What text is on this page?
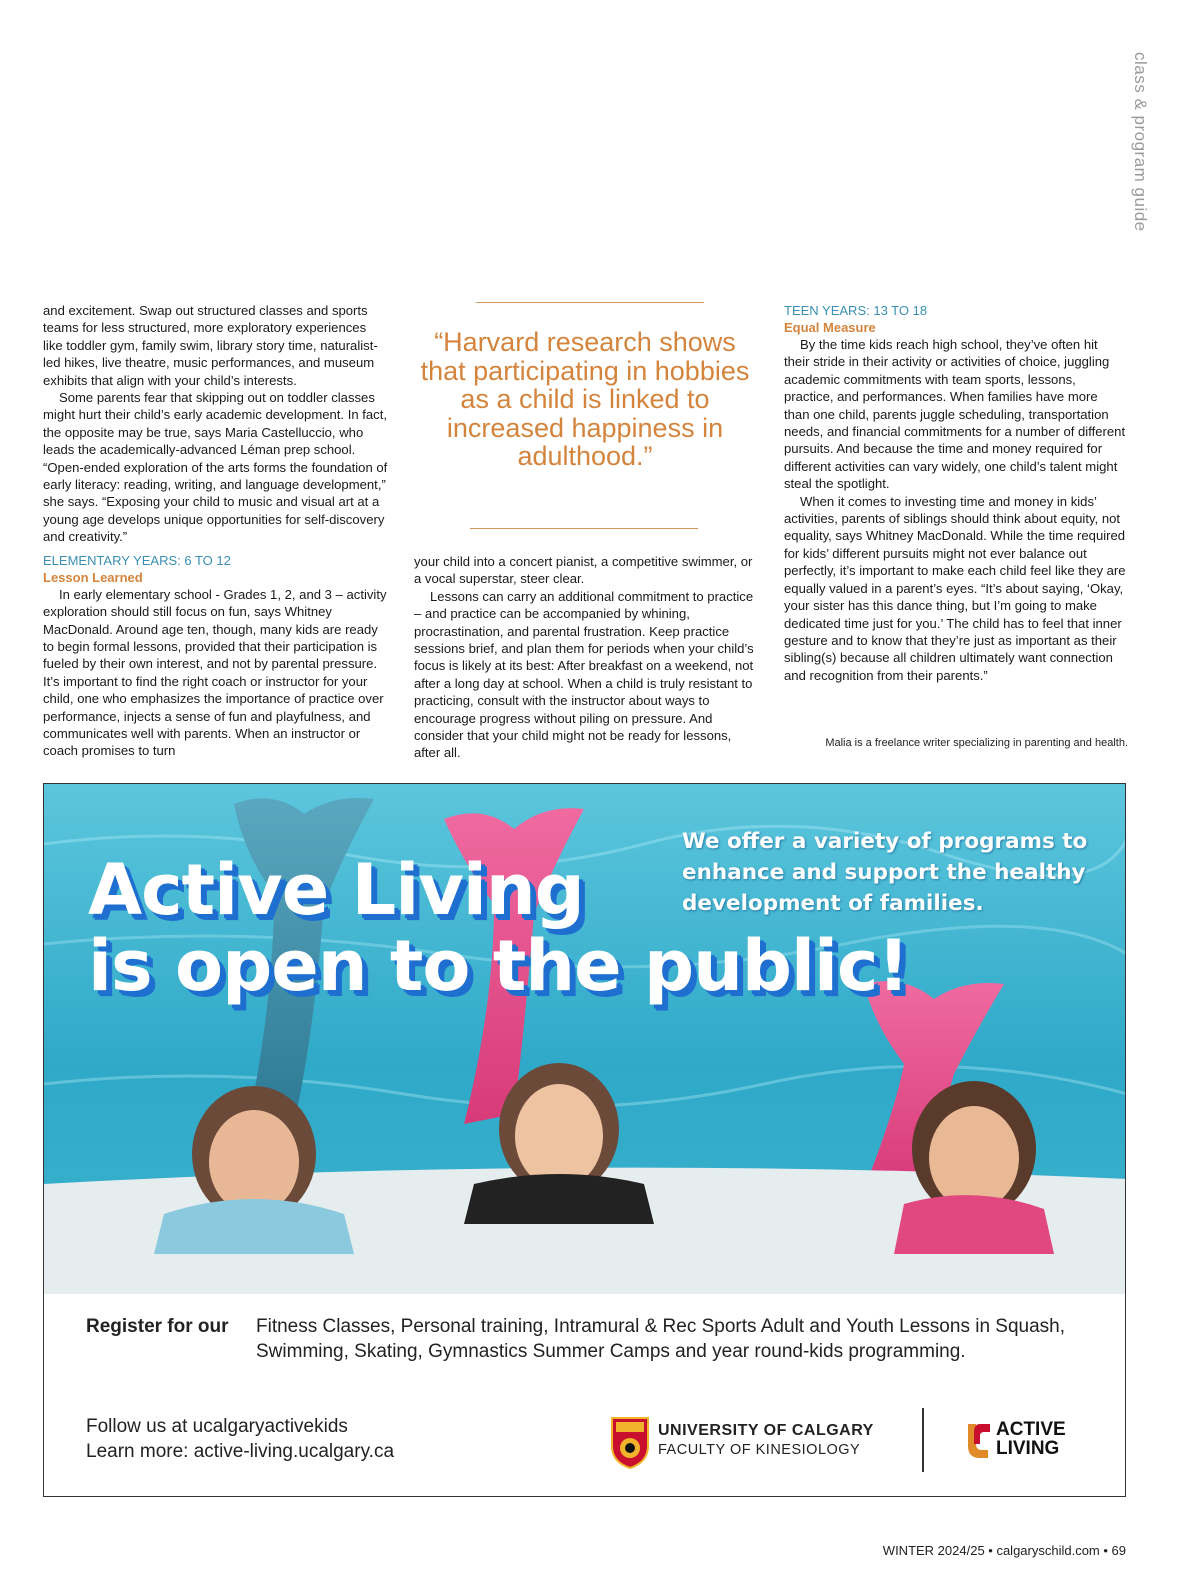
class & program guide

and excitement. Swap out structured classes and sports teams for less structured, more exploratory experiences like toddler gym, family swim, library story time, naturalist-led hikes, live theatre, music performances, and museum exhibits that align with your child’s interests.

Some parents fear that skipping out on toddler classes might hurt their child’s early academic development. In fact, the opposite may be true, says Maria Castelluccio, who leads the academically-advanced Léman prep school. “Open-ended exploration of the arts forms the foundation of early literacy: reading, writing, and language development,” she says. “Exposing your child to music and visual art at a young age develops unique opportunities for self-discovery and creativity.”

ELEMENTARY YEARS: 6 TO 12
Lesson Learned

In early elementary school - Grades 1, 2, and 3 – activity exploration should still focus on fun, says Whitney MacDonald. Around age ten, though, many kids are ready to begin formal lessons, provided that their participation is fueled by their own interest, and not by parental pressure. It’s important to find the right coach or instructor for your child, one who emphasizes the importance of practice over performance, injects a sense of fun and playfulness, and communicates well with parents. When an instructor or coach promises to turn

“Harvard research shows that participating in hobbies as a child is linked to increased happiness in adulthood.”

your child into a concert pianist, a competitive swimmer, or a vocal superstar, steer clear.

Lessons can carry an additional commitment to practice – and practice can be accompanied by whining, procrastination, and parental frustration. Keep practice sessions brief, and plan them for periods when your child’s focus is likely at its best: After breakfast on a weekend, not after a long day at school. When a child is truly resistant to practicing, consult with the instructor about ways to encourage progress without piling on pressure. And consider that your child might not be ready for lessons, after all.

TEEN YEARS: 13 TO 18
Equal Measure

By the time kids reach high school, they’ve often hit their stride in their activity or activities of choice, juggling academic commitments with team sports, lessons, practice, and performances. When families have more than one child, parents juggle scheduling, transportation needs, and financial commitments for a number of different pursuits. And because the time and money required for different activities can vary widely, one child’s talent might steal the spotlight.

When it comes to investing time and money in kids’ activities, parents of siblings should think about equity, not equality, says Whitney MacDonald. While the time required for kids’ different pursuits might not ever balance out perfectly, it’s important to make each child feel like they are equally valued in a parent’s eyes. “It’s about saying, ‘Okay, your sister has this dance thing, but I’m going to make dedicated time just for you.’ The child has to feel that inner gesture and to know that they’re just as important as their sibling(s) because all children ultimately want connection and recognition from their parents.”

Malia is a freelance writer specializing in parenting and health.
Active Living
is open to the public!
We offer a variety of programs to enhance and support the healthy development of families.
Register for our Fitness Classes, Personal training, Intramural & Rec Sports Adult and Youth Lessons in Squash, Swimming, Skating, Gymnastics Summer Camps and year round-kids programming.
Follow us at ucalgaryactivekids
Learn more: active-living.ucalgary.ca
UNIVERSITY OF CALGARY
FACULTY OF KINESIOLOGY
ACTIVE
LIVING
WINTER 2024/25 • calgaryschild.com • 69
